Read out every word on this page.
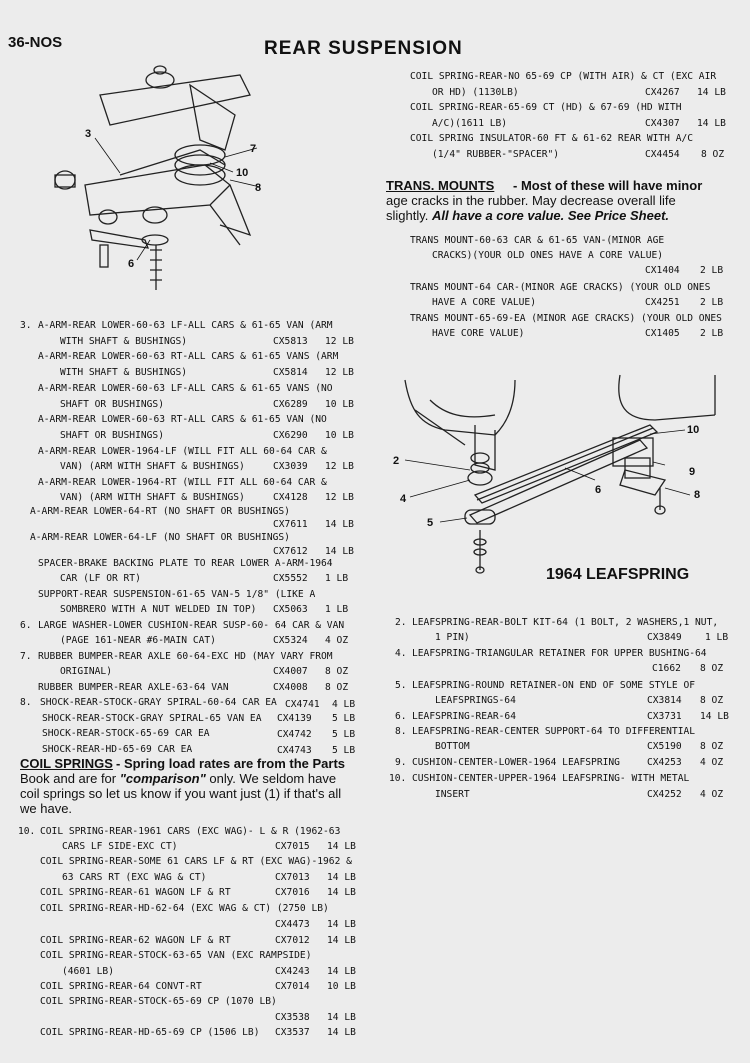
36-NOS	REAR SUSPENSION
3
7
10
8
6
3. A-ARM-REAR LOWER-60-63 LF-ALL CARS & 61-65 VAN (ARM
WITH SHAFT & BUSHINGS)	CX5813 12 LB
A-ARM-REAR LOWER-60-63 RT-ALL CARS & 61-65 VANS (ARM
WITH SHAFT & BUSHINGS)	CX5814 12 LB
A-ARM-REAR LOWER-60-63 LF-ALL CARS & 61-65 VANS (NO
SHAFT OR BUSHINGS)	CX6289 10 LB
A-ARM-REAR LOWER-60-63 RT-ALL CARS & 61-65 VAN (NO
SHAFT OR BUSHINGS)	CX6290 10 LB
A-ARM-REAR LOWER-1964-LF (WILL FIT ALL 60-64 CAR &
VAN) (ARM WITH SHAFT & BUSHINGS)	CX3039 12 LB
A-ARM-REAR LOWER-1964-RT (WILL FIT ALL 60-64 CAR &
VAN) (ARM WITH SHAFT & BUSHINGS)	CX4128 12 LB
A-ARM-REAR LOWER-64-RT (NO SHAFT OR BUSHINGS)
CX7611 14 LB
A-ARM-REAR LOWER-64-LF (NO SHAFT OR BUSHINGS)
CX7612 14 LB
SPACER-BRAKE BACKING PLATE TO REAR LOWER A-ARM-1964
CAR (LF OR RT)	CX5552 1 LB
SUPPORT-REAR SUSPENSION-61-65 VAN-5 1/8" (LIKE A
SOMBRERO WITH A NUT WELDED IN TOP) CX5063 1 LB
6. LARGE WASHER-LOWER CUSHION-REAR SUSP-60- 64 CAR & VAN
(PAGE 161-NEAR #6-MAIN CAT)	CX5324 4 OZ
7. RUBBER BUMPER-REAR AXLE 60-64-EXC HD (MAY VARY FROM
ORIGINAL)	CX4007 8 OZ
RUBBER BUMPER-REAR AXLE-63-64 VAN	CX4008 8 OZ
8. SHOCK-REAR-STOCK-GRAY SPIRAL-60-64 CAR EA CX4741 4 LB
SHOCK-REAR-STOCK-GRAY SPIRAL-65 VAN EA CX4139 5 LB
SHOCK-REAR-STOCK-65-69 CAR EA	CX4742 5 LB
SHOCK-REAR-HD-65-69 CAR EA	CX4743 5 LB
COIL SPRINGS - Spring load rates are from the Parts
Book and are for "comparison" only. We seldom have
coil springs so let us know if you want just (1) if that's all
we have.
10. COIL SPRING-REAR-1961 CARS (EXC WAG)- L & R (1962-63
CARS LF SIDE-EXC CT)	CX7015 14 LB
COIL SPRING-REAR-SOME 61 CARS LF & RT (EXC WAG)-1962 &
63 CARS RT (EXC WAG & CT)	CX7013 14 LB
COIL SPRING-REAR-61 WAGON LF & RT	CX7016 14 LB
COIL SPRING-REAR-HD-62-64 (EXC WAG & CT) (2750 LB)
CX4473 14 LB
COIL SPRING-REAR-62 WAGON LF & RT	CX7012 14 LB
COIL SPRING-REAR-STOCK-63-65 VAN (EXC RAMPSIDE)
(4601 LB)	CX4243 14 LB
COIL SPRING-REAR-64 CONVT-RT	CX7014 10 LB
COIL SPRING-REAR-STOCK-65-69 CP (1070 LB)
CX3538 14 LB
COIL SPRING-REAR-HD-65-69 CP (1506 LB) CX3537 14 LB
COIL SPRING-REAR-NO 65-69 CP (WITH AIR) & CT (EXC AIR
OR HD) (1130LB)	CX4267 14 LB
COIL SPRING-REAR-65-69 CT (HD) & 67-69 (HD WITH
A/C)(1611 LB)	CX4307 14 LB
COIL SPRING INSULATOR-60 FT & 61-62 REAR WITH A/C
(1/4" RUBBER-"SPACER")	CX4454 8 OZ
TRANS. MOUNTS - Most of these will have minor
age cracks in the rubber. May decrease overall life
slightly. All have a core value. See Price Sheet.
TRANS MOUNT-60-63 CAR & 61-65 VAN-(MINOR AGE
CRACKS)(YOUR OLD ONES HAVE A CORE VALUE)
CX1404 2 LB
TRANS MOUNT-64 CAR-(MINOR AGE CRACKS) (YOUR OLD ONES
HAVE A CORE VALUE)	CX4251 2 LB
TRANS MOUNT-65-69-EA (MINOR AGE CRACKS) (YOUR OLD ONES
HAVE CORE VALUE)	CX1405 2 LB
10
2
9
4
6	8
5
1964 LEAFSPRING
2. LEAFSPRING-REAR-BOLT KIT-64 (1 BOLT, 2 WASHERS,1 NUT,
1 PIN)	CX3849 1 LB
4. LEAFSPRING-TRIANGULAR RETAINER FOR UPPER BUSHING-64
C1662 8 OZ
5. LEAFSPRING-ROUND RETAINER-ON END OF SOME STYLE OF
LEAFSPRINGS-64	CX3814 8 OZ
6. LEAFSPRING-REAR-64	CX3731 14 LB
8. LEAFSPRING-REAR-CENTER SUPPORT-64 TO DIFFERENTIAL
BOTTOM	CX5190 8 OZ
9. CUSHION-CENTER-LOWER-1964 LEAFSPRING	CX4253 4 OZ
10. CUSHION-CENTER-UPPER-1964 LEAFSPRING- WITH METAL
INSERT	CX4252 4 OZ
